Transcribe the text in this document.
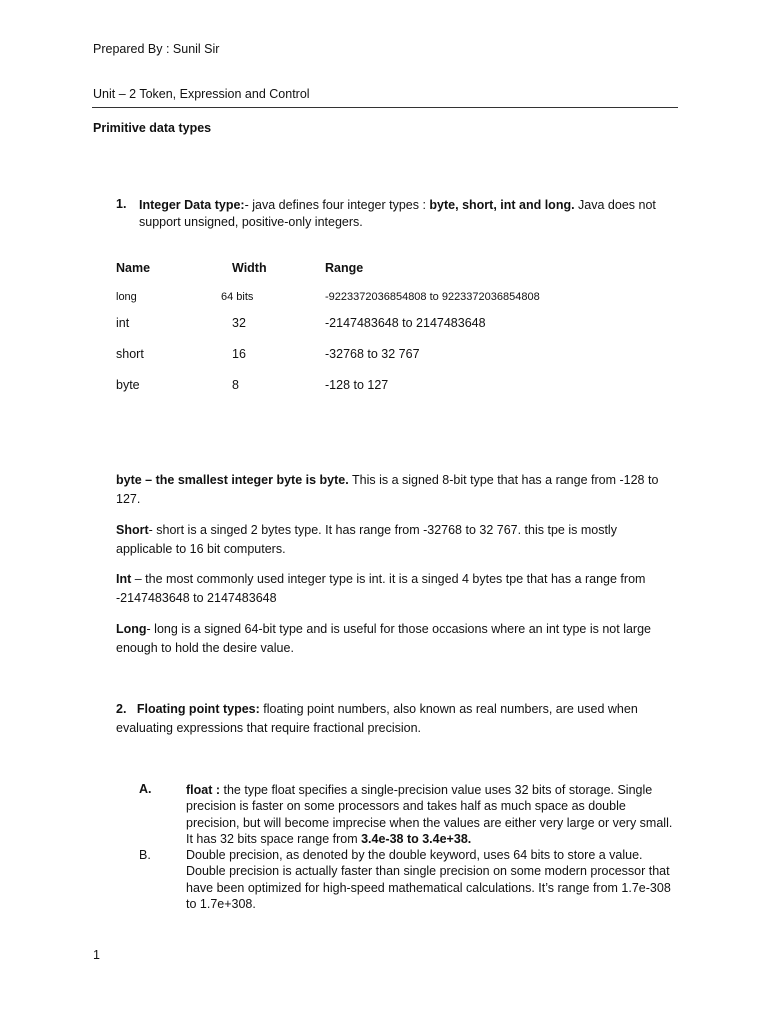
Prepared By : Sunil Sir
Unit – 2 Token, Expression and Control
Primitive data types
1. Integer Data type:- java defines four integer types : byte, short, int and long. Java does not support unsigned, positive-only integers.
Name	Width	Range
long	64 bits	-9223372036854808 to 9223372036854808
int	32	-2147483648 to 2147483648
short	16	-32768 to 32 767
byte	8	-128 to 127
byte – the smallest integer byte is byte. This is a signed 8-bit type that has a range from -128 to 127.
Short- short is a singed 2 bytes type. It has range from -32768 to 32 767. this tpe is mostly applicable to 16 bit computers.
Int – the most commonly used integer type is int. it is a singed 4 bytes tpe that has a range from -2147483648 to 2147483648
Long- long is a signed 64-bit type and is useful for those occasions where an int type is not large enough to hold the desire value.
2. Floating point types: floating point numbers, also known as real numbers, are used when evaluating expressions that require fractional precision.
A.	float : the type float specifies a single-precision value uses 32 bits of storage. Single precision is faster on some processors and takes half as much space as double precision, but will become imprecise when the values are either very large or very small. It has 32 bits space range from 3.4e-38 to 3.4e+38.
B.	Double precision, as denoted by the double keyword, uses 64 bits to store a value. Double precision is actually faster than single precision on some modern processor that have been optimized for high-speed mathematical calculations. It’s range from 1.7e-308 to 1.7e+308.
1
